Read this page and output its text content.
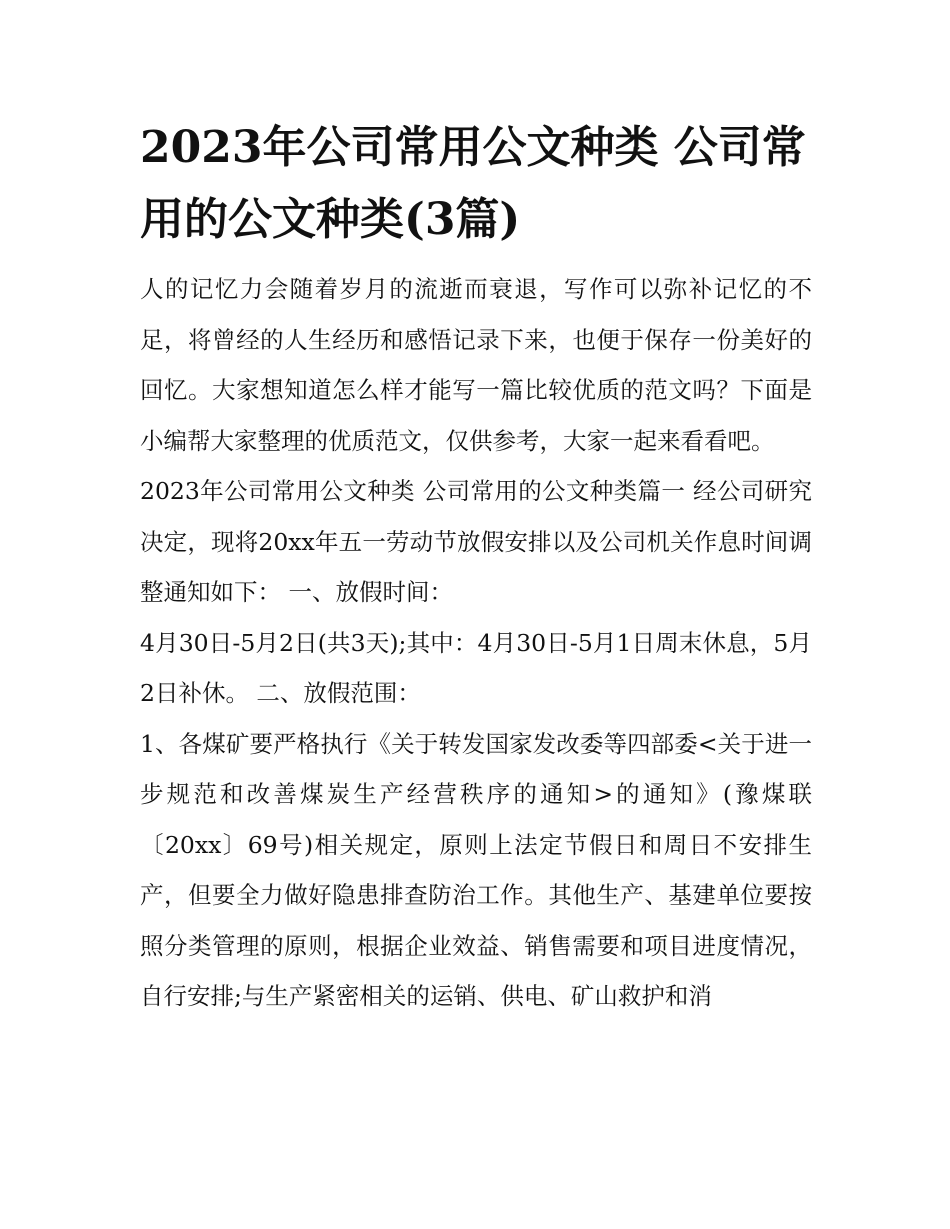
2023年公司常用公文种类 公司常用的公文种类(3篇)

人的记忆力会随着岁月的流逝而衰退，写作可以弥补记忆的不足，将曾经的人生经历和感悟记录下来，也便于保存一份美好的回忆。大家想知道怎么样才能写一篇比较优质的范文吗？下面是小编帮大家整理的优质范文，仅供参考，大家一起来看看吧。

2023年公司常用公文种类 公司常用的公文种类篇一 经公司研究决定，现将20xx年五一劳动节放假安排以及公司机关作息时间调整通知如下： 一、放假时间：

4月30日-5月2日(共3天);其中：4月30日-5月1日周末休息，5月2日补休。 二、放假范围：

1、各煤矿要严格执行《关于转发国家发改委等四部委<关于进一步规范和改善煤炭生产经营秩序的通知>的通知》(豫煤联〔20xx〕69号)相关规定，原则上法定节假日和周日不安排生产，但要全力做好隐患排查防治工作。其他生产、基建单位要按照分类管理的原则，根据企业效益、销售需要和项目进度情况，自行安排;与生产紧密相关的运销、供电、矿山救护和消
